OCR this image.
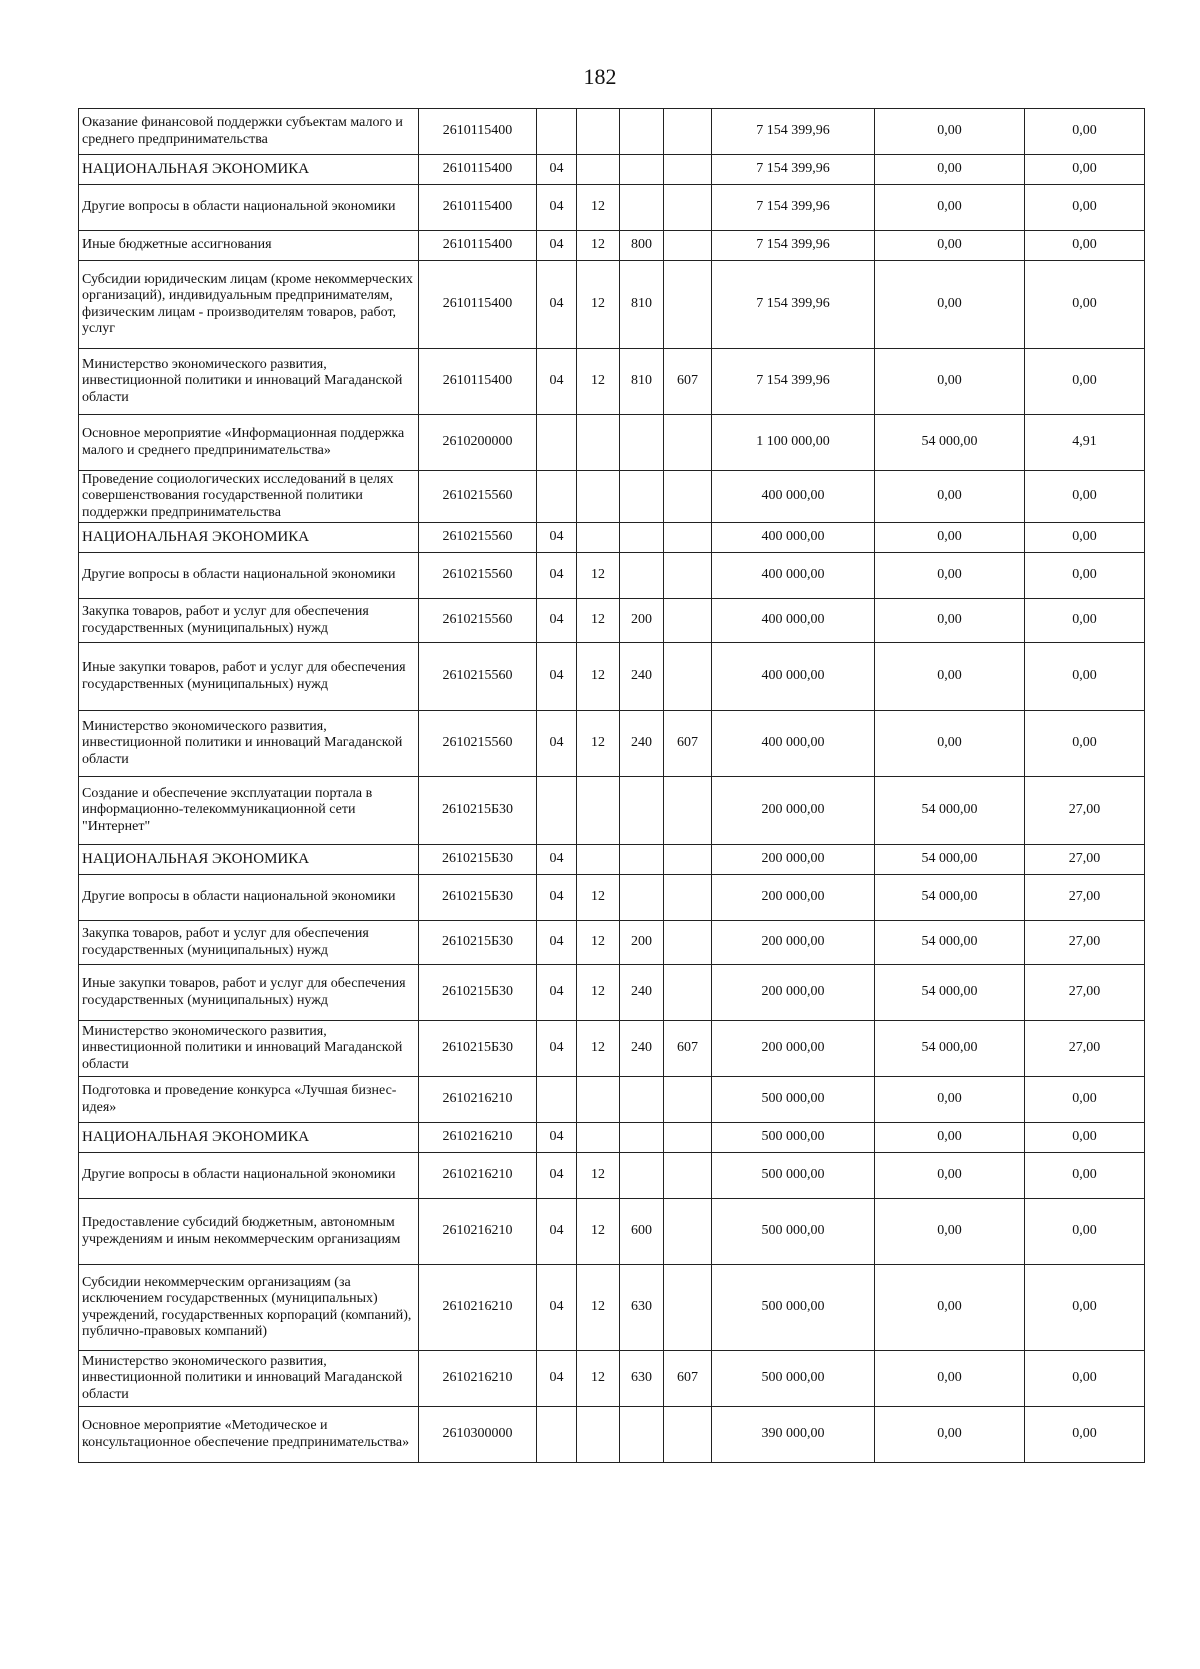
182
Оказание финансовой поддержки субъектам малого и среднего предпринимательства	2610115400					7 154 399,96	0,00	0,00
НАЦИОНАЛЬНАЯ ЭКОНОМИКА	2610115400	04				7 154 399,96	0,00	0,00
Другие вопросы в области национальной экономики	2610115400	04	12			7 154 399,96	0,00	0,00
Иные бюджетные ассигнования	2610115400	04	12	800		7 154 399,96	0,00	0,00
Субсидии юридическим лицам (кроме некоммерческих организаций), индивидуальным предпринимателям, физическим лицам - производителям товаров, работ, услуг	2610115400	04	12	810		7 154 399,96	0,00	0,00
Министерство экономического развития, инвестиционной политики и инноваций Магаданской области	2610115400	04	12	810	607	7 154 399,96	0,00	0,00
Основное мероприятие «Информационная поддержка малого и среднего предпринимательства»	2610200000					1 100 000,00	54 000,00	4,91
Проведение социологических исследований в целях совершенствования государственной политики поддержки предпринимательства	2610215560					400 000,00	0,00	0,00
НАЦИОНАЛЬНАЯ ЭКОНОМИКА	2610215560	04				400 000,00	0,00	0,00
Другие вопросы в области национальной экономики	2610215560	04	12			400 000,00	0,00	0,00
Закупка товаров, работ и услуг для обеспечения государственных (муниципальных) нужд	2610215560	04	12	200		400 000,00	0,00	0,00
Иные закупки товаров, работ и услуг для обеспечения государственных (муниципальных) нужд	2610215560	04	12	240		400 000,00	0,00	0,00
Министерство экономического развития, инвестиционной политики и инноваций Магаданской области	2610215560	04	12	240	607	400 000,00	0,00	0,00
Создание и обеспечение эксплуатации портала в информационно-телекоммуникационной сети "Интернет"	2610215Б30					200 000,00	54 000,00	27,00
НАЦИОНАЛЬНАЯ ЭКОНОМИКА	2610215Б30	04				200 000,00	54 000,00	27,00
Другие вопросы в области национальной экономики	2610215Б30	04	12			200 000,00	54 000,00	27,00
Закупка товаров, работ и услуг для обеспечения государственных (муниципальных) нужд	2610215Б30	04	12	200		200 000,00	54 000,00	27,00
Иные закупки товаров, работ и услуг для обеспечения государственных (муниципальных) нужд	2610215Б30	04	12	240		200 000,00	54 000,00	27,00
Министерство экономического развития, инвестиционной политики и инноваций Магаданской области	2610215Б30	04	12	240	607	200 000,00	54 000,00	27,00
Подготовка и проведение конкурса «Лучшая бизнес-идея»	2610216210					500 000,00	0,00	0,00
НАЦИОНАЛЬНАЯ ЭКОНОМИКА	2610216210	04				500 000,00	0,00	0,00
Другие вопросы в области национальной экономики	2610216210	04	12			500 000,00	0,00	0,00
Предоставление субсидий бюджетным, автономным учреждениям и иным некоммерческим организациям	2610216210	04	12	600		500 000,00	0,00	0,00
Субсидии некоммерческим организациям (за исключением государственных (муниципальных) учреждений, государственных корпораций (компаний), публично-правовых компаний)	2610216210	04	12	630		500 000,00	0,00	0,00
Министерство экономического развития, инвестиционной политики и инноваций Магаданской области	2610216210	04	12	630	607	500 000,00	0,00	0,00
Основное мероприятие «Методическое и консультационное обеспечение предпринимательства»	2610300000					390 000,00	0,00	0,00
